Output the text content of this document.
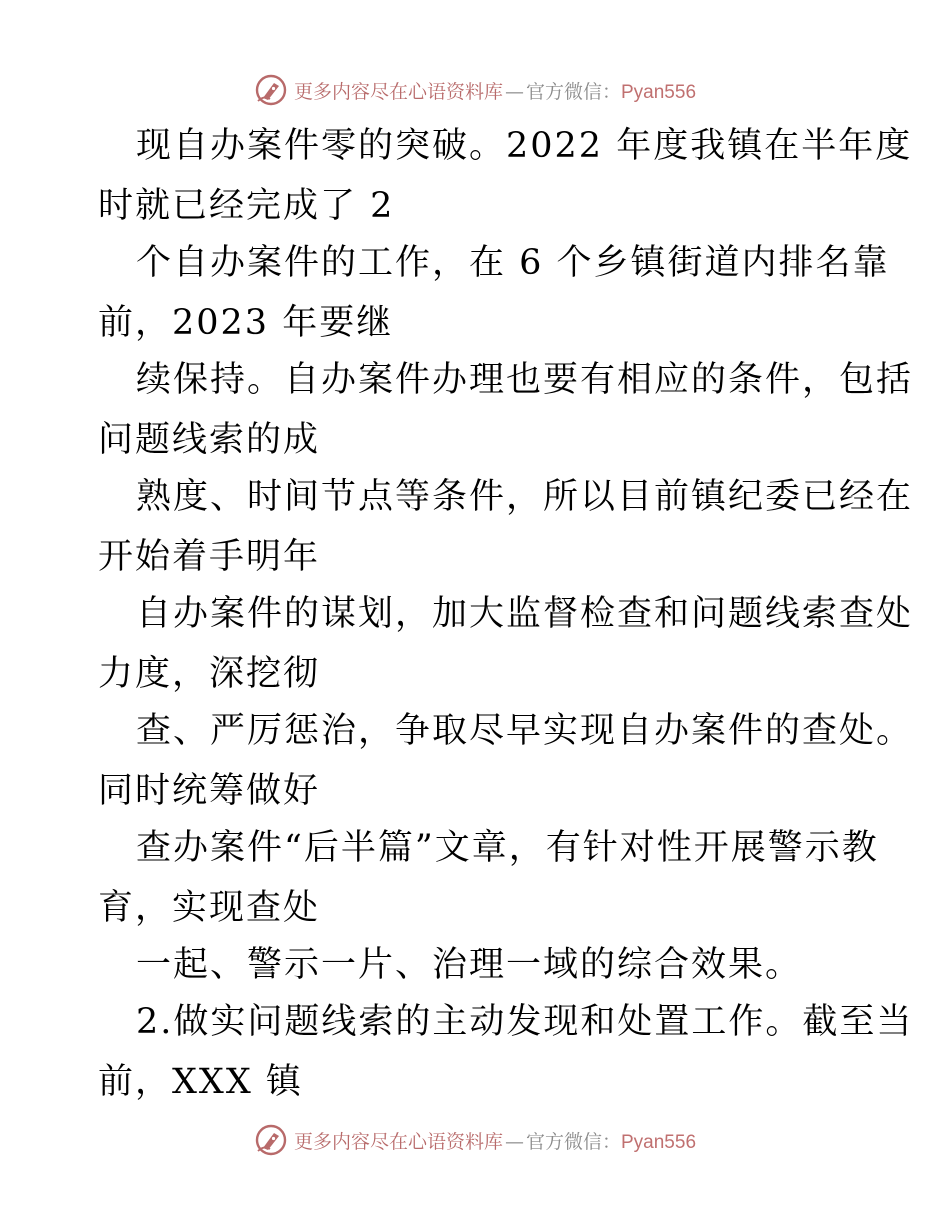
更多内容尽在心语资料库 — 官方微信： Pyan556
现自办案件零的突破。2022 年度我镇在半年度
时就已经完成了 2
个自办案件的工作，在 6 个乡镇街道内排名靠
前，2023 年要继
续保持。自办案件办理也要有相应的条件，包括
问题线索的成
熟度、时间节点等条件，所以目前镇纪委已经在
开始着手明年
自办案件的谋划，加大监督检查和问题线索查处
力度，深挖彻
查、严厉惩治，争取尽早实现自办案件的查处。
同时统筹做好
查办案件“后半篇”文章，有针对性开展警示教
育，实现查处
一起、警示一片、治理一域的综合效果。
2.做实问题线索的主动发现和处置工作。截至当
前，XXX 镇
更多内容尽在心语资料库 — 官方微信： Pyan556
